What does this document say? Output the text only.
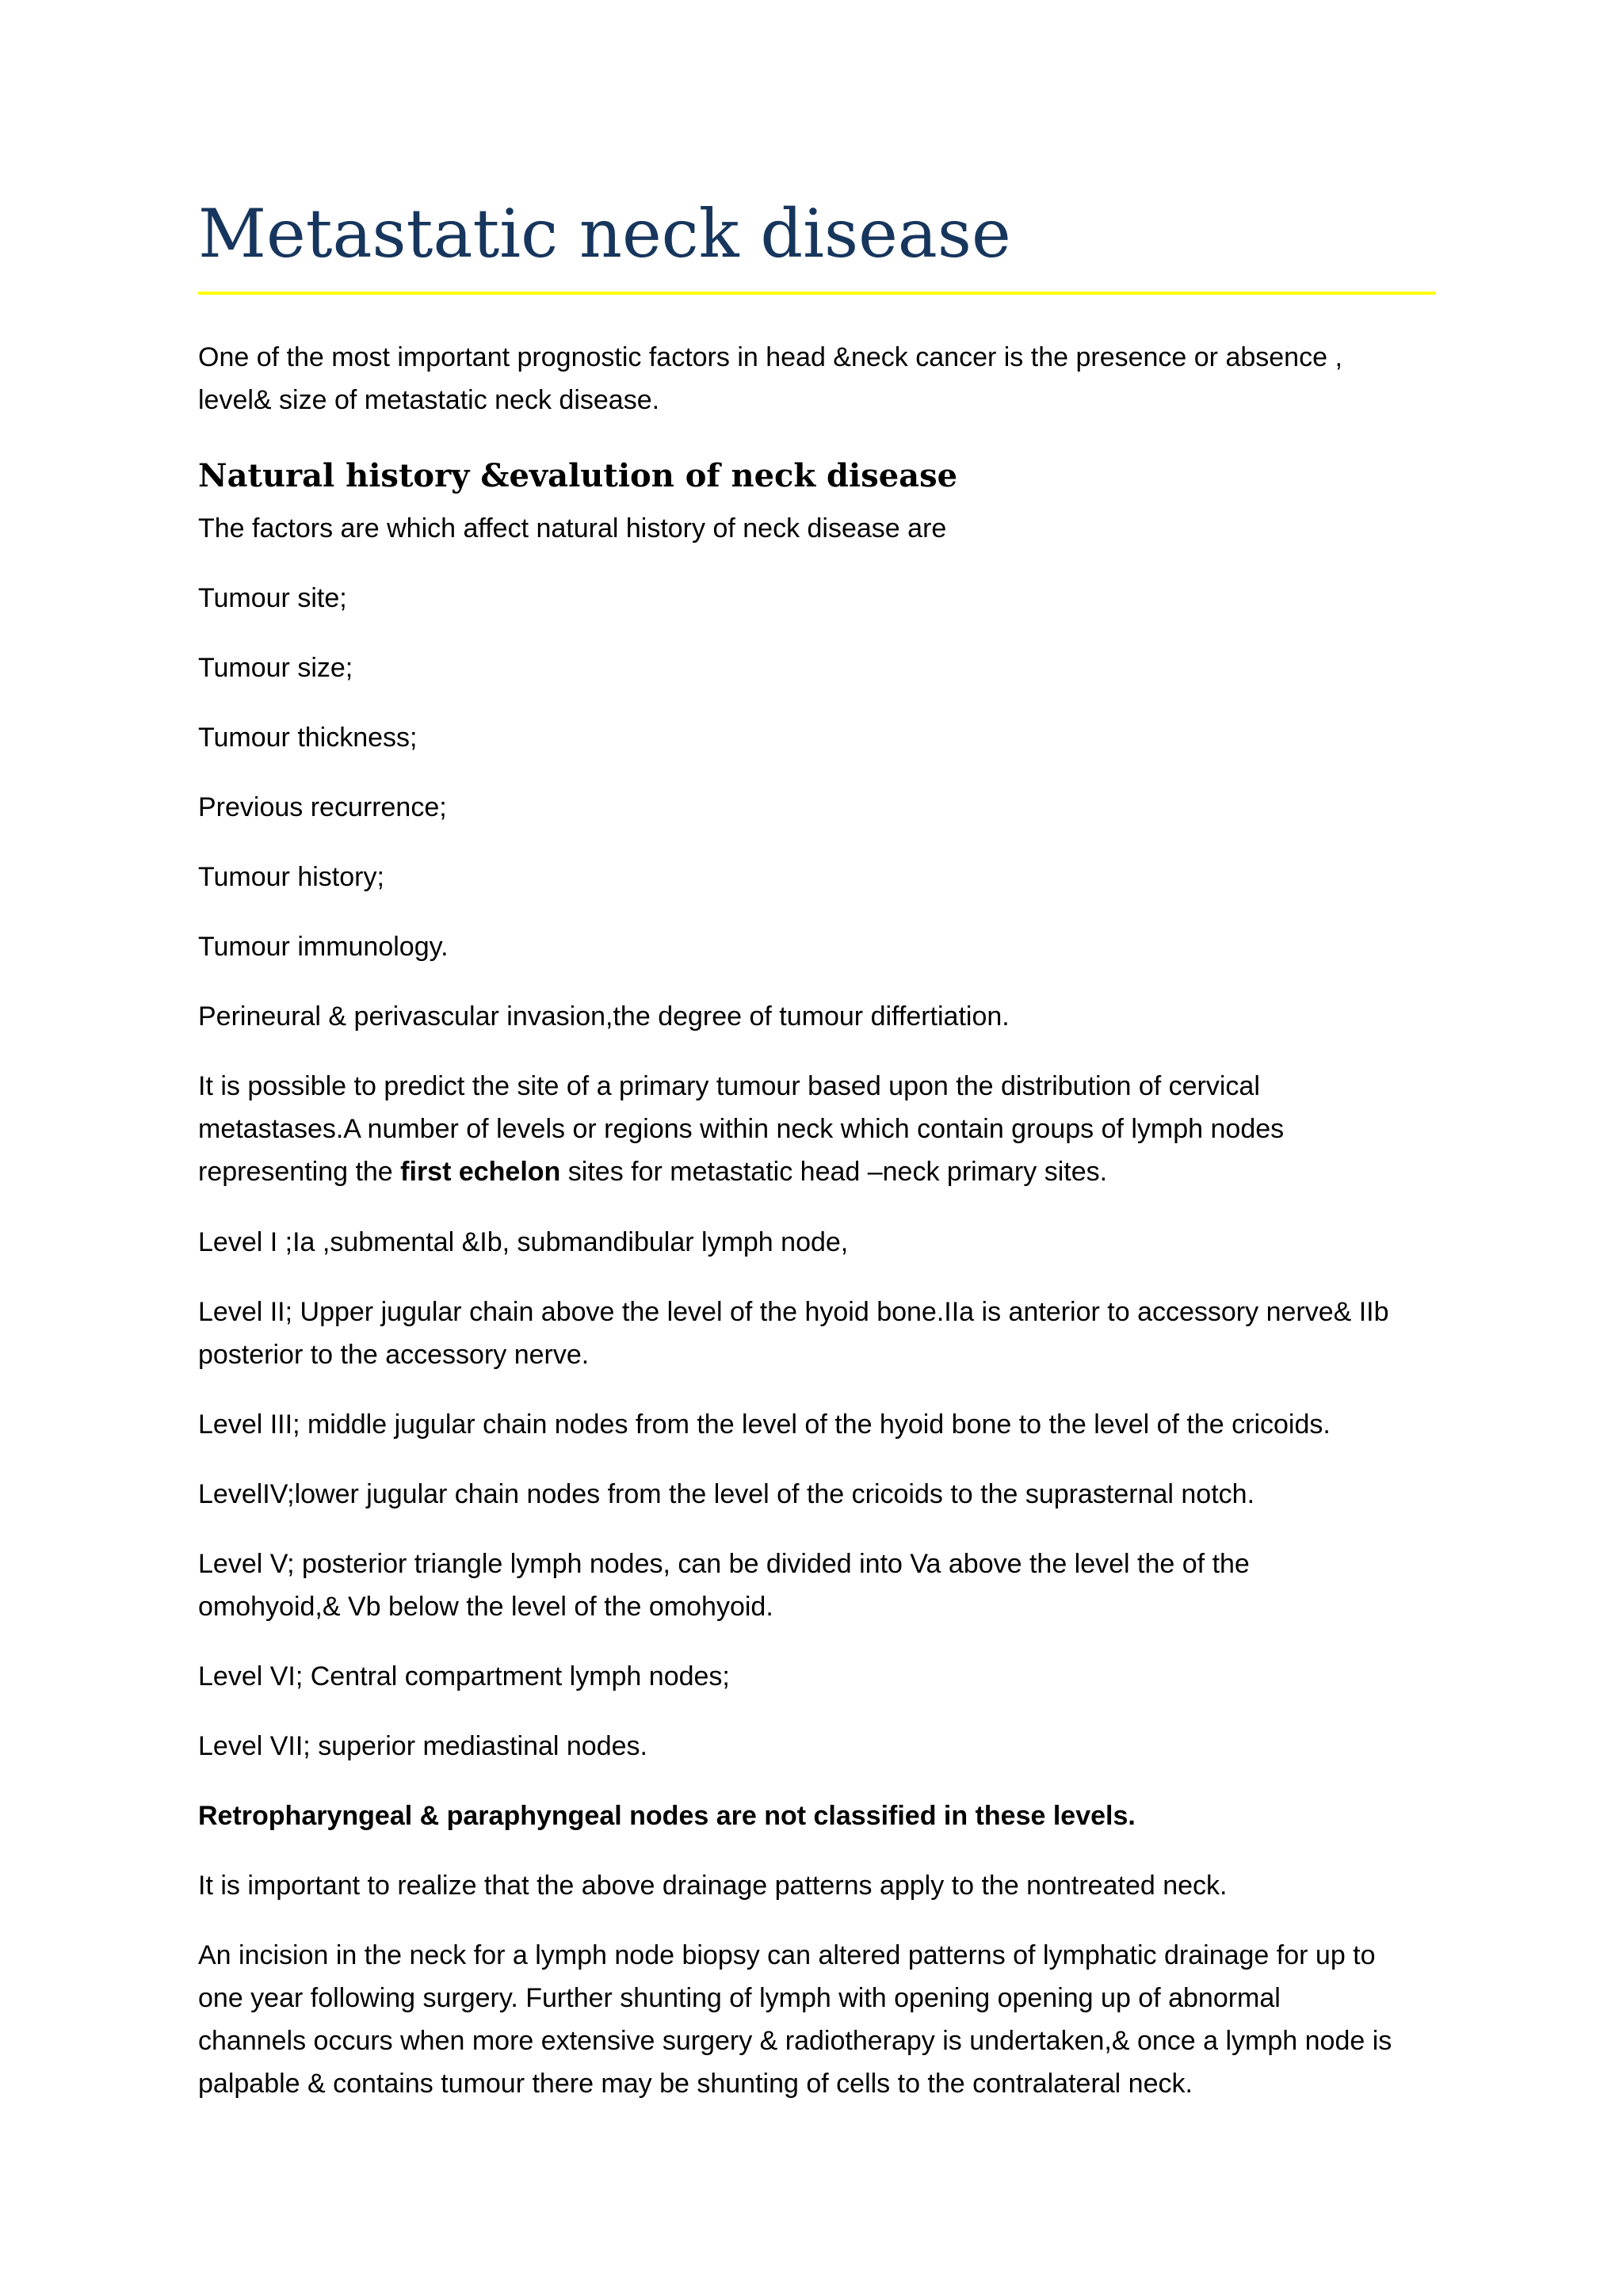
Metastatic neck disease

One of the most important prognostic factors in head &neck cancer is the presence or absence ,
level& size of metastatic neck disease.

Natural history &evalution of neck disease

The factors are which affect natural history of neck disease are

Tumour site;

Tumour size;

Tumour thickness;

Previous recurrence;

Tumour history;

Tumour immunology.

Perineural & perivascular invasion,the degree of tumour differtiation.

It is possible to predict the site of a primary tumour based upon the distribution of cervical
metastases.A number of levels or regions within neck which contain groups of lymph nodes
representing the first echelon sites for metastatic head –neck primary sites.

Level I ;Ia ,submental &Ib, submandibular lymph node,

Level II; Upper jugular chain above the level of the hyoid bone.IIa is anterior to accessory nerve& IIb
posterior to the accessory nerve.

Level III; middle jugular chain nodes from the level of the hyoid bone to the level of the cricoids.

LevelIV;lower jugular chain nodes from the level of the cricoids to the suprasternal notch.

Level V; posterior triangle lymph nodes, can be divided into Va above the level the of the
omohyoid,& Vb below the level of the omohyoid.

Level VI; Central compartment lymph nodes;

Level VII; superior mediastinal nodes.

Retropharyngeal & paraphyngeal nodes are not classified in these levels.

It is important to realize that the above drainage patterns apply to the nontreated neck.

An incision in the neck for a lymph node biopsy can altered patterns of lymphatic drainage for up to
one year following surgery. Further shunting of lymph with opening opening up of abnormal
channels occurs when more extensive surgery & radiotherapy is undertaken,& once a lymph node is
palpable & contains tumour there may be shunting of cells to the contralateral neck.
